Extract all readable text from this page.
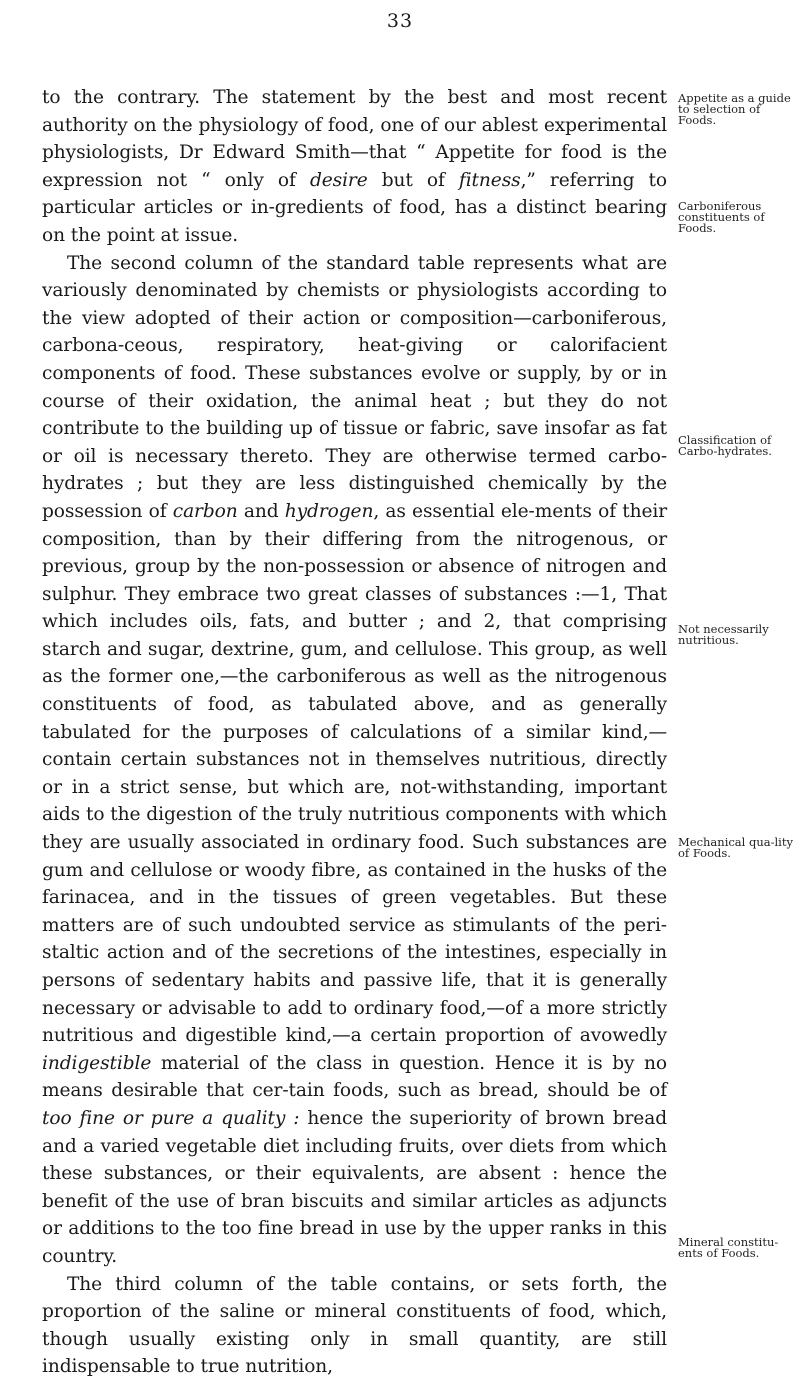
33

to the contrary. The statement by the best and most recent authority on the physiology of food, one of our ablest experimental physiologists, Dr Edward Smith—that “ Appetite for food is the expression not “ only of desire but of fitness,” referring to particular articles or in-gredients of food, has a distinct bearing on the point at issue.

The second column of the standard table represents what are variously denominated by chemists or physiologists according to the view adopted of their action or composition—carboniferous, carbona-ceous, respiratory, heat-giving or calorifacient components of food. These substances evolve or supply, by or in course of their oxidation, the animal heat ; but they do not contribute to the building up of tissue or fabric, save insofar as fat or oil is necessary thereto. They are otherwise termed carbo-hydrates ; but they are less distinguished chemically by the possession of carbon and hydrogen, as essential ele-ments of their composition, than by their differing from the nitrogenous, or previous, group by the non-possession or absence of nitrogen and sulphur. They embrace two great classes of substances :—1, That which includes oils, fats, and butter ; and 2, that comprising starch and sugar, dextrine, gum, and cellulose. This group, as well as the former one,—the carboniferous as well as the nitrogenous constituents of food, as tabulated above, and as generally tabulated for the purposes of calculations of a similar kind,—contain certain substances not in themselves nutritious, directly or in a strict sense, but which are, not-withstanding, important aids to the digestion of the truly nutritious components with which they are usually associated in ordinary food. Such substances are gum and cellulose or woody fibre, as contained in the husks of the farinacea, and in the tissues of green vegetables. But these matters are of such undoubted service as stimulants of the peri-staltic action and of the secretions of the intestines, especially in persons of sedentary habits and passive life, that it is generally necessary or advisable to add to ordinary food,—of a more strictly nutritious and digestible kind,—a certain proportion of avowedly indigestible material of the class in question. Hence it is by no means desirable that cer-tain foods, such as bread, should be of too fine or pure a quality : hence the superiority of brown bread and a varied vegetable diet including fruits, over diets from which these substances, or their equivalents, are absent : hence the benefit of the use of bran biscuits and similar articles as adjuncts or additions to the too fine bread in use by the upper ranks in this country.

The third column of the table contains, or sets forth, the proportion of the saline or mineral constituents of food, which, though usually existing only in small quantity, are still indispensable to true nutrition,

Appetite as a guide to selection of Foods.
Carboniferous constituents of Foods.
Classification of Carbo-hydrates.
Not necessarily nutritious.
Mechanical qua-lity of Foods.
Mineral constitu-ents of Foods.
